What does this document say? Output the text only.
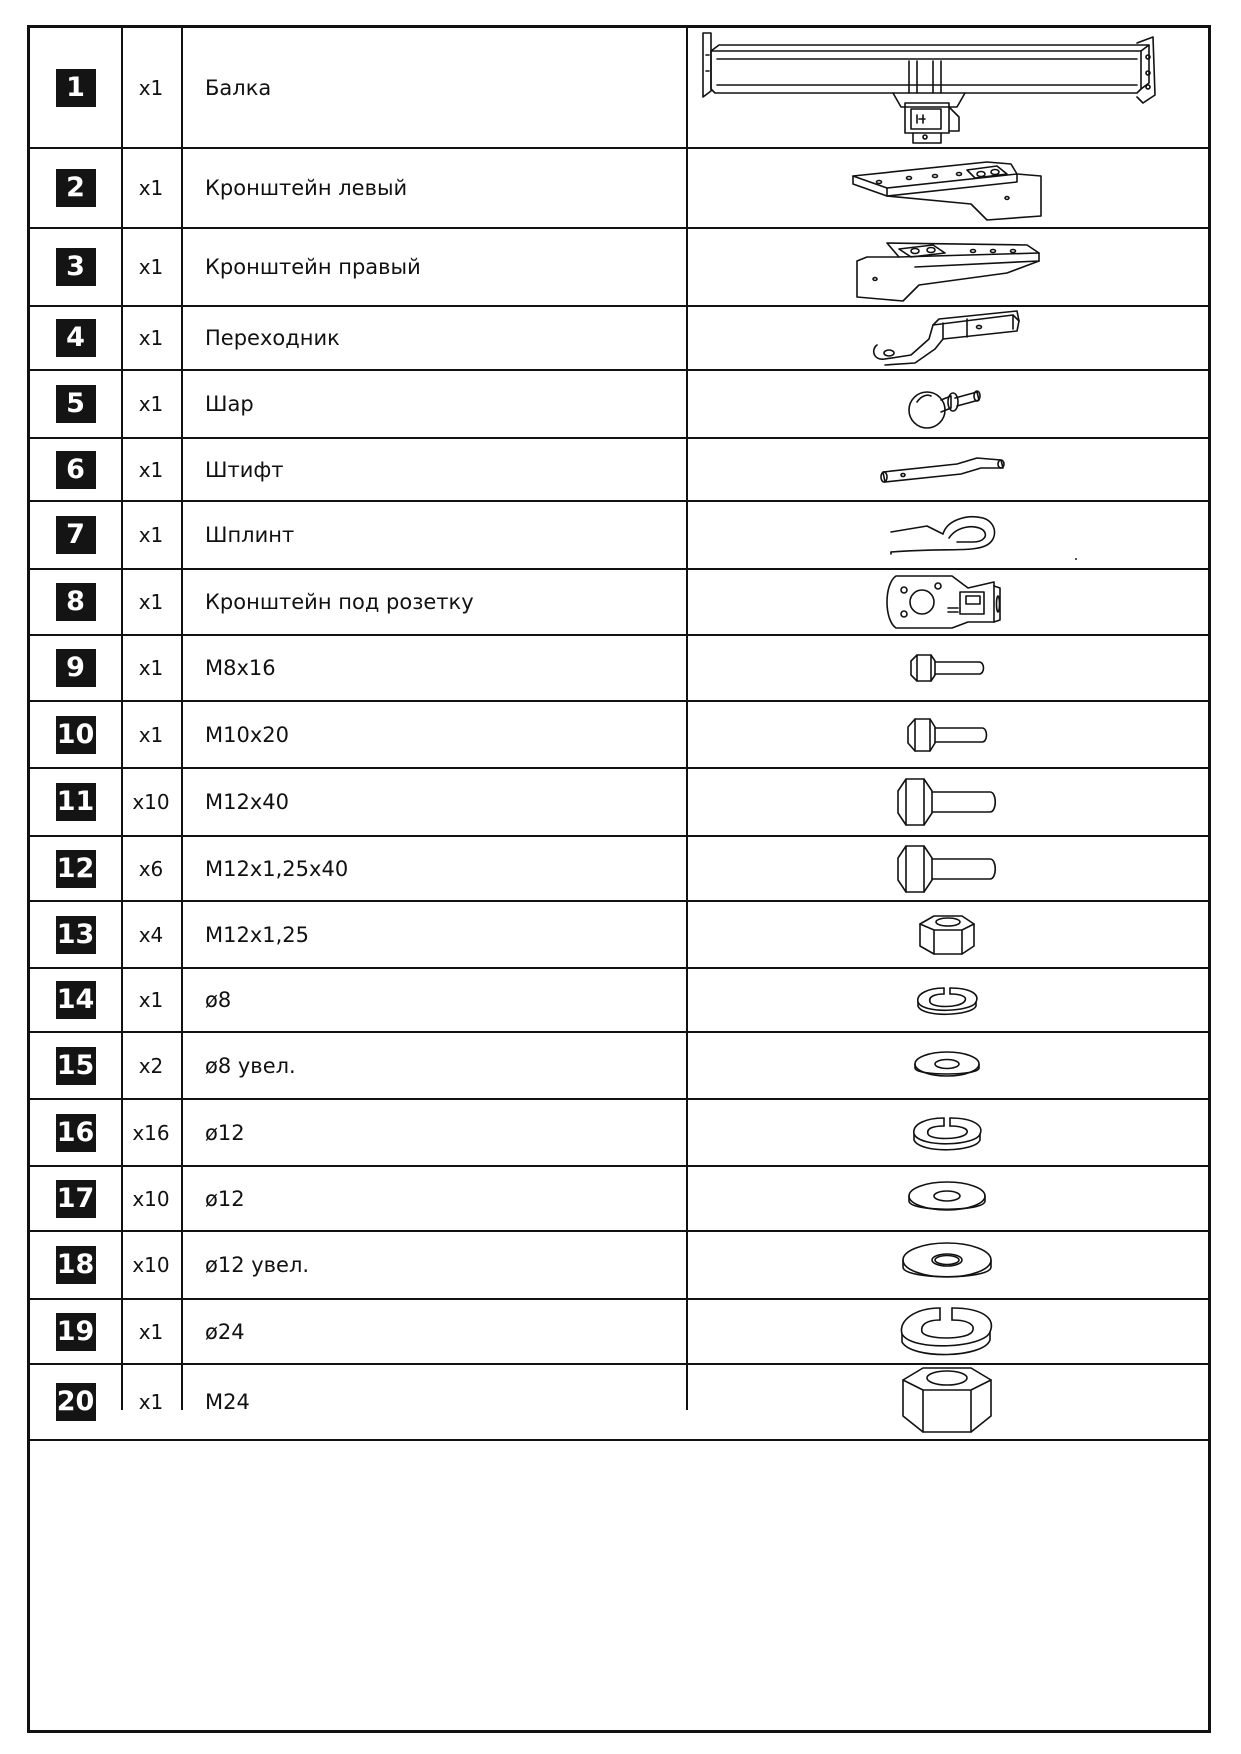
1	x1	Балка
2	x1	Кронштейн левый
3	x1	Кронштейн правый
4	x1	Переходник
5	x1	Шар
6	x1	Штифт
7	x1	Шплинт
8	x1	Кронштейн под розетку
9	x1	M8x16
10	x1	M10x20
11	x10	M12x40
12	x6	M12x1,25x40
13	x4	M12x1,25
14	x1	ø8
15	x2	ø8 увел.
16	x16	ø12
17	x10	ø12
18	x10	ø12 увел.
19	x1	ø24
20	x1	M24
